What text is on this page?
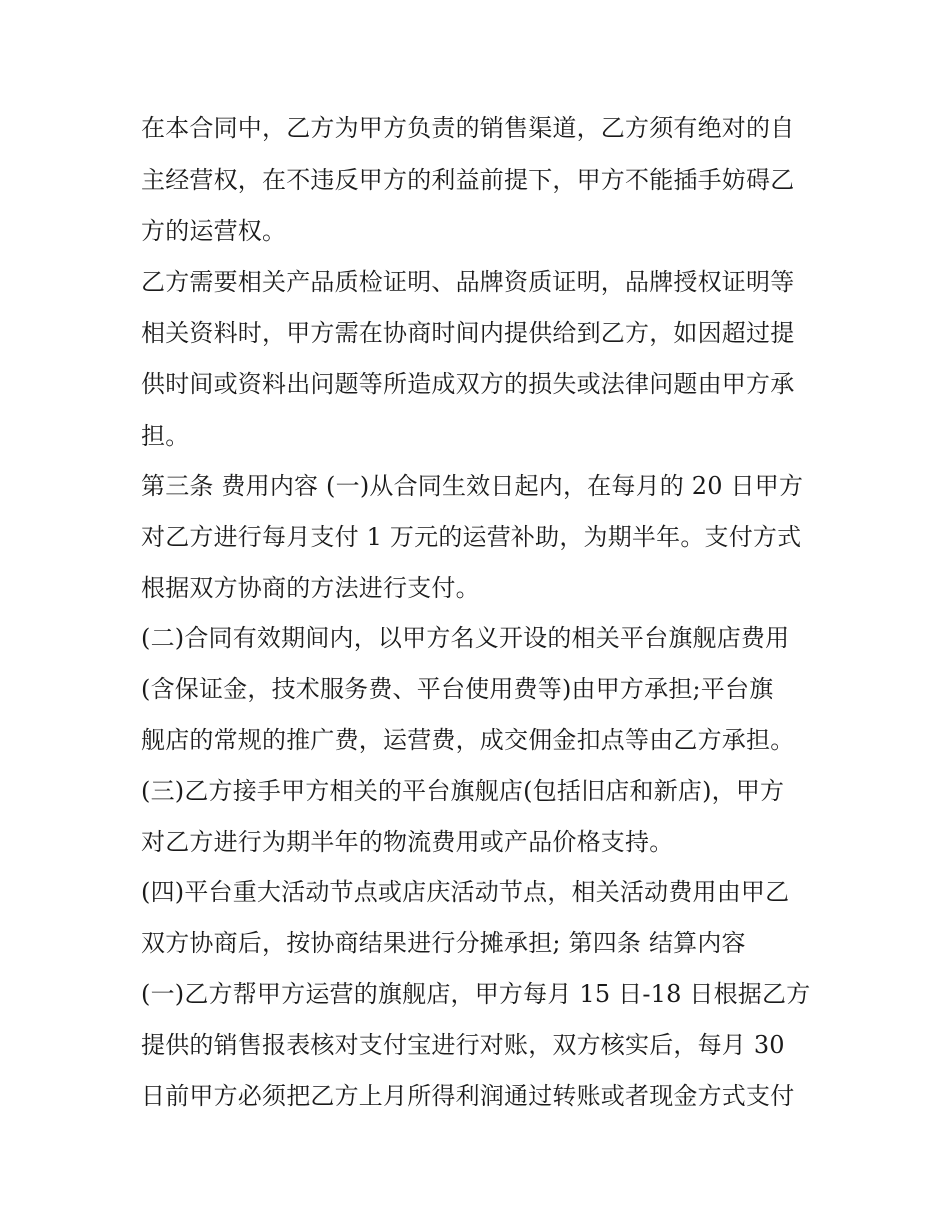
在本合同中，乙方为甲方负责的销售渠道，乙方须有绝对的自
主经营权，在不违反甲方的利益前提下，甲方不能插手妨碍乙
方的运营权。
乙方需要相关产品质检证明、品牌资质证明，品牌授权证明等
相关资料时，甲方需在协商时间内提供给到乙方，如因超过提
供时间或资料出问题等所造成双方的损失或法律问题由甲方承
担。
第三条 费用内容 (一)从合同生效日起内，在每月的 20 日甲方
对乙方进行每月支付 1 万元的运营补助，为期半年。支付方式
根据双方协商的方法进行支付。
(二)合同有效期间内，以甲方名义开设的相关平台旗舰店费用
(含保证金，技术服务费、平台使用费等)由甲方承担;平台旗
舰店的常规的推广费，运营费，成交佣金扣点等由乙方承担。
(三)乙方接手甲方相关的平台旗舰店(包括旧店和新店)，甲方
对乙方进行为期半年的物流费用或产品价格支持。
(四)平台重大活动节点或店庆活动节点，相关活动费用由甲乙
双方协商后，按协商结果进行分摊承担; 第四条 结算内容
(一)乙方帮甲方运营的旗舰店，甲方每月 15 日-18 日根据乙方
提供的销售报表核对支付宝进行对账，双方核实后，每月 30
日前甲方必须把乙方上月所得利润通过转账或者现金方式支付
